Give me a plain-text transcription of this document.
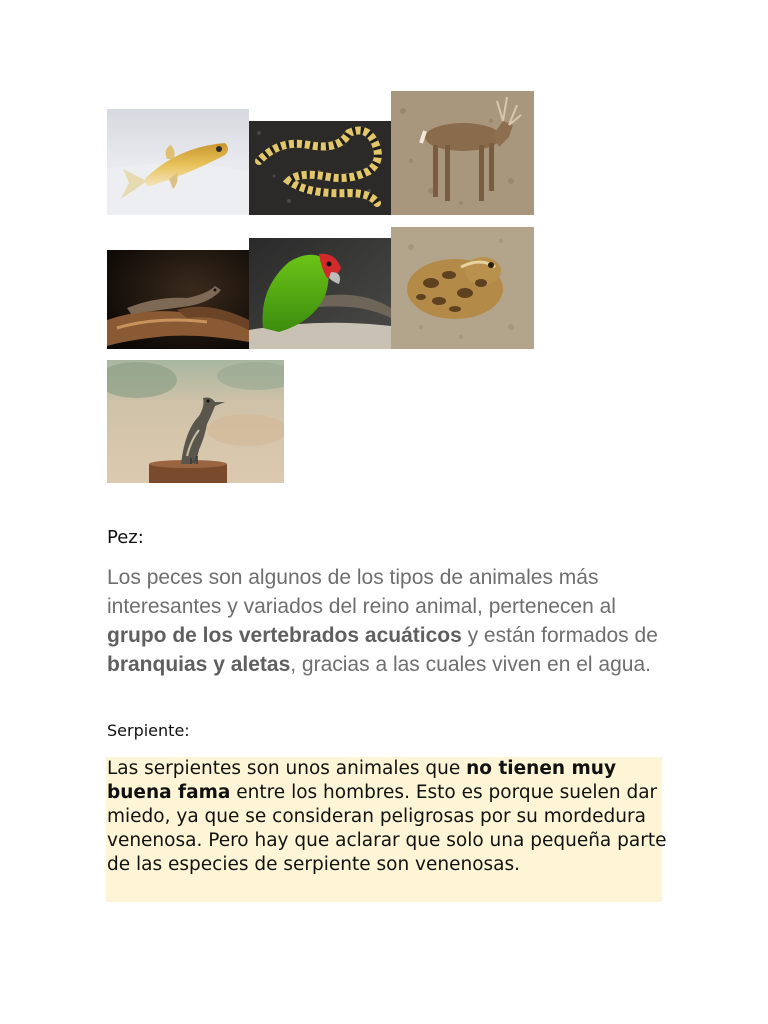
Pez:

Los peces son algunos de los tipos de animales más interesantes y variados del reino animal, pertenecen al grupo de los vertebrados acuáticos y están formados de branquias y aletas, gracias a las cuales viven en el agua.

Serpiente:

Las serpientes son unos animales que no tienen muy buena fama entre los hombres. Esto es porque suelen dar miedo, ya que se consideran peligrosas por su mordedura venenosa. Pero hay que aclarar que solo una pequeña parte de las especies de serpiente son venenosas.
